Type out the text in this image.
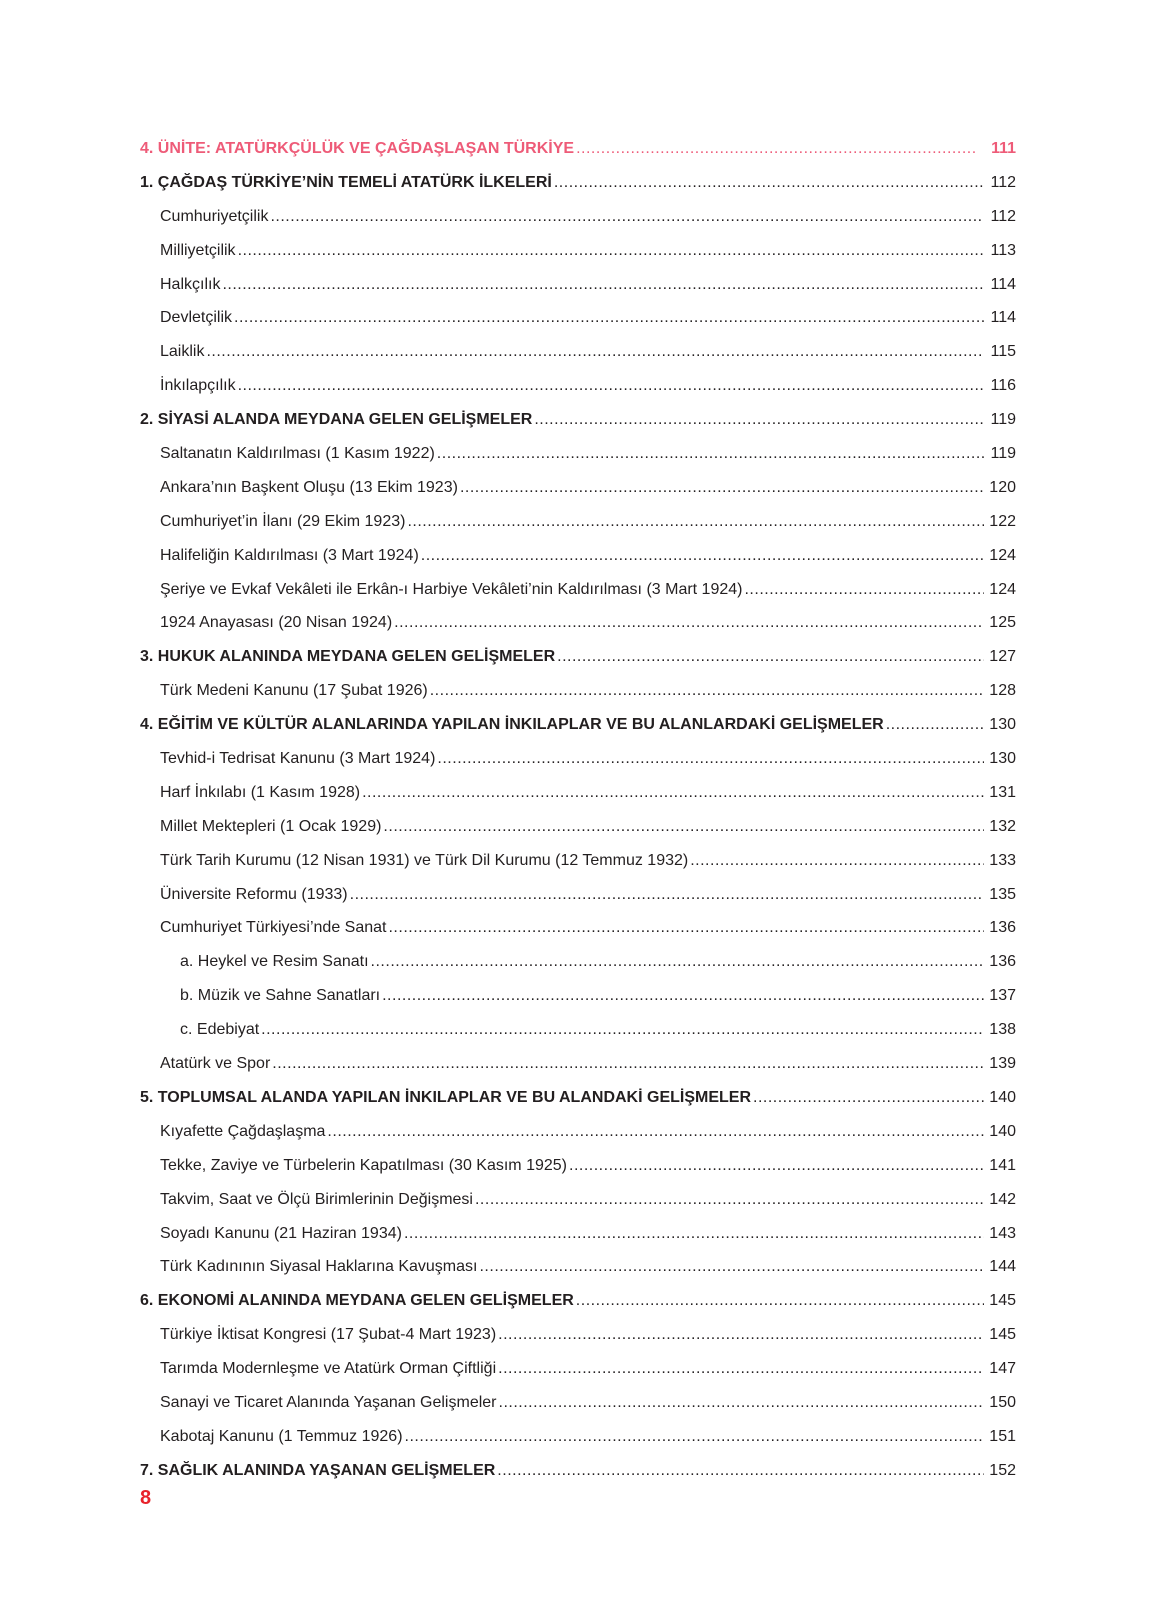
4. ÜNİTE: ATATÜRKÇÜLÜK VE ÇAĞDAŞLAŞAN TÜRKİYE .....	111
1. ÇAĞDAŞ TÜRKİYE’NİN TEMELİ ATATÜRK İLKELERİ .....	112
Cumhuriyetçilik .....	112
Milliyetçilik .....	113
Halkçılık .....	114
Devletçilik .....	114
Laiklik .....	115
İnkılapçılık .....	116
2. SİYASİ ALANDA MEYDANA GELEN GELİŞMELER .....	119
Saltanatın Kaldırılması (1 Kasım 1922) .....	119
Ankara’nın Başkent Oluşu (13 Ekim 1923) .....	120
Cumhuriyet’in İlanı (29 Ekim 1923) .....	122
Halifeliğin Kaldırılması (3 Mart 1924) .....	124
Şeriye ve Evkaf Vekâleti ile Erkân-ı Harbiye Vekâleti’nin Kaldırılması (3 Mart 1924) .....	124
1924 Anayasası (20 Nisan 1924) .....	125
3. HUKUK ALANINDA MEYDANA GELEN GELİŞMELER .....	127
Türk Medeni Kanunu (17 Şubat 1926) .....	128
4. EĞİTİM VE KÜLTÜR ALANLARINDA YAPILAN İNKILAPLAR VE BU ALANLARDAKİ GELİŞMELER .....	130
Tevhid-i Tedrisat Kanunu (3 Mart 1924) .....	130
Harf İnkılabı (1 Kasım 1928) .....	131
Millet Mektepleri (1 Ocak 1929) .....	132
Türk Tarih Kurumu (12 Nisan 1931) ve Türk Dil Kurumu (12 Temmuz 1932) .....	133
Üniversite Reformu (1933) .....	135
Cumhuriyet Türkiyesi’nde Sanat .....	136
a. Heykel ve Resim Sanatı .....	136
b. Müzik ve Sahne Sanatları .....	137
c. Edebiyat .....	138
Atatürk ve Spor .....	139
5. TOPLUMSAL ALANDA YAPILAN İNKILAPLAR VE BU ALANDAKİ GELİŞMELER .....	140
Kıyafette Çağdaşlaşma .....	140
Tekke, Zaviye ve Türbelerin Kapatılması (30 Kasım 1925) .....	141
Takvim, Saat ve Ölçü Birimlerinin Değişmesi .....	142
Soyadı Kanunu (21 Haziran 1934) .....	143
Türk Kadınının Siyasal Haklarına Kavuşması .....	144
6. EKONOMİ ALANINDA MEYDANA GELEN GELİŞMELER .....	145
Türkiye İktisat Kongresi (17 Şubat-4 Mart 1923) .....	145
Tarımda Modernleşme ve Atatürk Orman Çiftliği .....	147
Sanayi ve Ticaret Alanında Yaşanan Gelişmeler .....	150
Kabotaj Kanunu (1 Temmuz 1926) .....	151
7. SAĞLIK ALANINDA YAŞANAN GELİŞMELER .....	152
8
